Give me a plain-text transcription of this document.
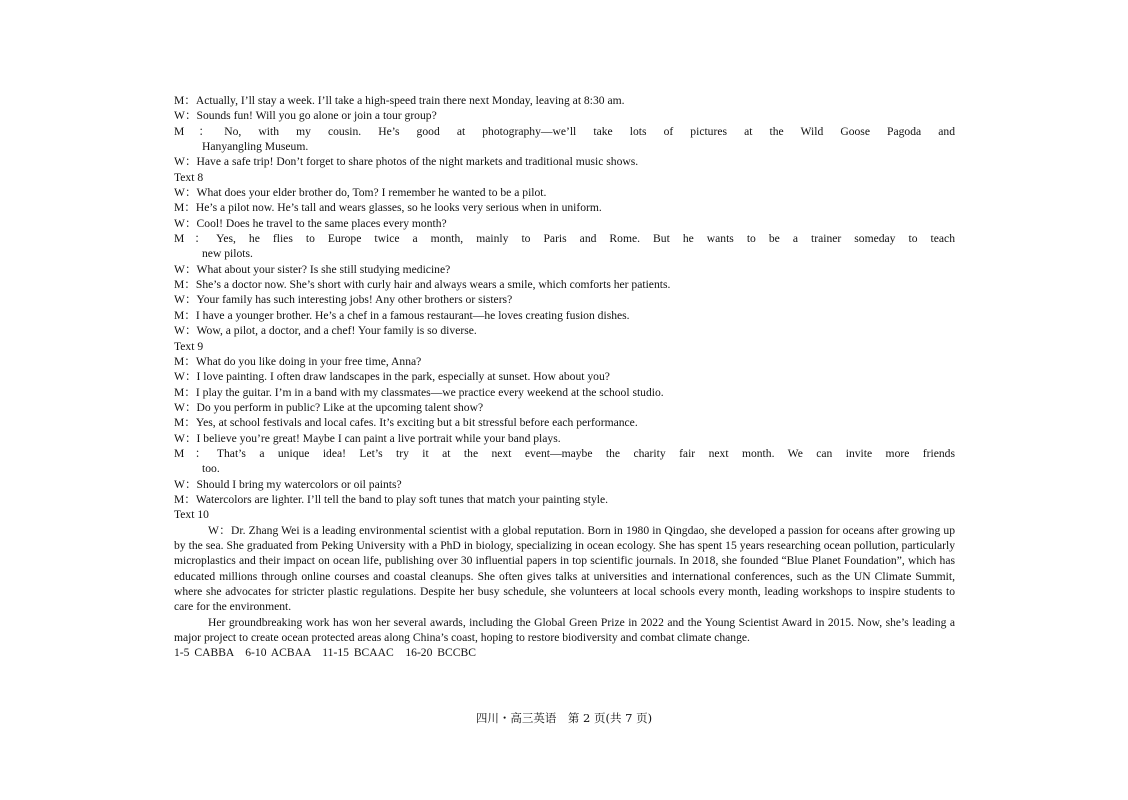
M：Actually, I’ll stay a week. I’ll take a high-speed train there next Monday, leaving at 8:30 am.
W：Sounds fun! Will you go alone or join a tour group?
M：No, with my cousin. He’s good at photography—we’ll take lots of pictures at the Wild Goose Pagoda and
Hanyangling Museum.
W：Have a safe trip! Don’t forget to share photos of the night markets and traditional music shows.
Text 8
W：What does your elder brother do, Tom? I remember he wanted to be a pilot.
M：He’s a pilot now. He’s tall and wears glasses, so he looks very serious when in uniform.
W：Cool! Does he travel to the same places every month?
M：Yes, he flies to Europe twice a month, mainly to Paris and Rome. But he wants to be a trainer someday to teach
new pilots.
W：What about your sister? Is she still studying medicine?
M：She’s a doctor now. She’s short with curly hair and always wears a smile, which comforts her patients.
W：Your family has such interesting jobs! Any other brothers or sisters?
M：I have a younger brother. He’s a chef in a famous restaurant—he loves creating fusion dishes.
W：Wow, a pilot, a doctor, and a chef! Your family is so diverse.
Text 9
M：What do you like doing in your free time, Anna?
W：I love painting. I often draw landscapes in the park, especially at sunset. How about you?
M：I play the guitar. I’m in a band with my classmates—we practice every weekend at the school studio.
W：Do you perform in public? Like at the upcoming talent show?
M：Yes, at school festivals and local cafes. It’s exciting but a bit stressful before each performance.
W：I believe you’re great! Maybe I can paint a live portrait while your band plays.
M：That’s a unique idea! Let’s try it at the next event—maybe the charity fair next month. We can invite more friends
too.
W：Should I bring my watercolors or oil paints?
M：Watercolors are lighter. I’ll tell the band to play soft tunes that match your painting style.
Text 10
W：Dr. Zhang Wei is a leading environmental scientist with a global reputation. Born in 1980 in Qingdao, she developed a passion for oceans after growing up by the sea. She graduated from Peking University with a PhD in biology, specializing in ocean ecology. She has spent 15 years researching ocean pollution, particularly microplastics and their impact on ocean life, publishing over 30 influential papers in top scientific journals. In 2018, she founded “Blue Planet Foundation”, which has educated millions through online courses and coastal cleanups. She often gives talks at universities and international conferences, such as the UN Climate Summit, where she advocates for stricter plastic regulations. Despite her busy schedule, she volunteers at local schools every month, leading workshops to inspire students to care for the environment.
Her groundbreaking work has won her several awards, including the Global Green Prize in 2022 and the Young Scientist Award in 2015. Now, she’s leading a major project to create ocean protected areas along China’s coast, hoping to restore biodiversity and combat climate change.
1-5 CABBA　6-10 ACBAA　11-15 BCAAC　16-20 BCCBC
四川・高三英语　第 2 页(共 7 页)
